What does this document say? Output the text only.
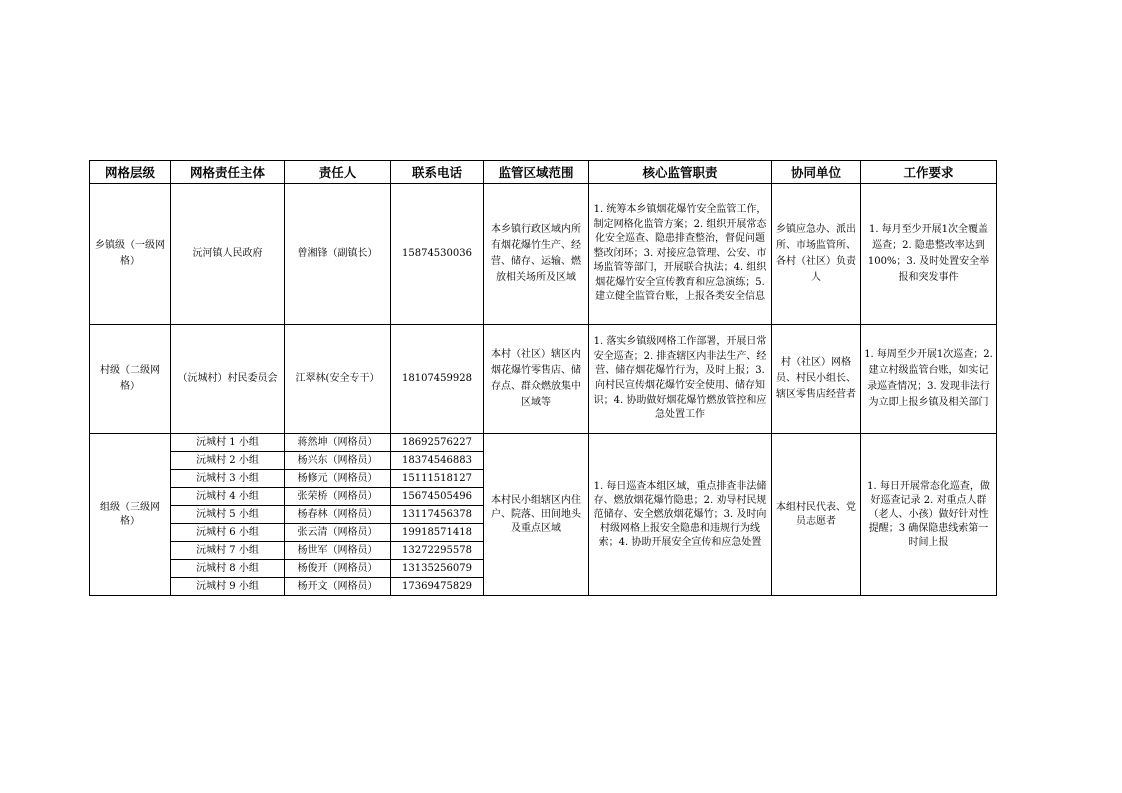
网格层级	网格责任主体	责任人	联系电话	监管区域范围	核心监管职责	协同单位	工作要求
乡镇级（一级网格）	沅河镇人民政府	曾湘锋（副镇长）	15874530036	本乡镇行政区域内所有烟花爆竹生产、经营、储存、运输、燃放相关场所及区域	1. 统筹本乡镇烟花爆竹安全监管工作，制定网格化监管方案；2. 组织开展常态化安全巡查、隐患排查整治，督促问题整改闭环；3. 对接应急管理、公安、市场监管等部门，开展联合执法；4. 组织烟花爆竹安全宣传教育和应急演练；5. 建立健全监管台账，上报各类安全信息	乡镇应急办、派出所、市场监管所、各村（社区）负责人	1. 每月至少开展1次全覆盖巡查；2. 隐患整改率达到100%；3. 及时处置安全举报和突发事件
村级（二级网格）	（沅城村）村民委员会	江翠林(安全专干）	18107459928	本村（社区）辖区内烟花爆竹零售店、储存点、群众燃放集中区域等	1. 落实乡镇级网格工作部署，开展日常安全巡查；2. 排查辖区内非法生产、经营、储存烟花爆竹行为，及时上报；3. 向村民宣传烟花爆竹安全使用、储存知识；4. 协助做好烟花爆竹燃放管控和应急处置工作	村（社区）网格员、村民小组长、辖区零售店经营者	1. 每周至少开展1次巡查；2. 建立村级监管台账，如实记录巡查情况；3. 发现非法行为立即上报乡镇及相关部门
组级（三级网格）	沅城村 1 小组	蒋然坤（网格员）	18692576227	本村民小组辖区内住户、院落、田间地头及重点区域	1. 每日巡查本组区域，重点排查非法储存、燃放烟花爆竹隐患；2. 劝导村民规范储存、安全燃放烟花爆竹；3. 及时向村级网格上报安全隐患和违规行为线索；4. 协助开展安全宣传和应急处置	本组村民代表、党员志愿者	1. 每日开展常态化巡查，做好巡查记录 2. 对重点人群（老人、小孩）做好针对性提醒；3 确保隐患线索第一时间上报
	沅城村 2 小组	杨兴东（网格员）	18374546883				
	沅城村 3 小组	杨修元（网格员）	15111518127				
	沅城村 4 小组	张荣桥（网格员）	15674505496				
	沅城村 5 小组	杨春林（网格员）	13117456378				
	沅城村 6 小组	张云清（网格员）	19918571418				
	沅城村 7 小组	杨世军（网格员）	13272295578				
	沅城村 8 小组	杨俊开（网格员）	13135256079				
	沅城村 9 小组	杨开文（网格员）	17369475829				
